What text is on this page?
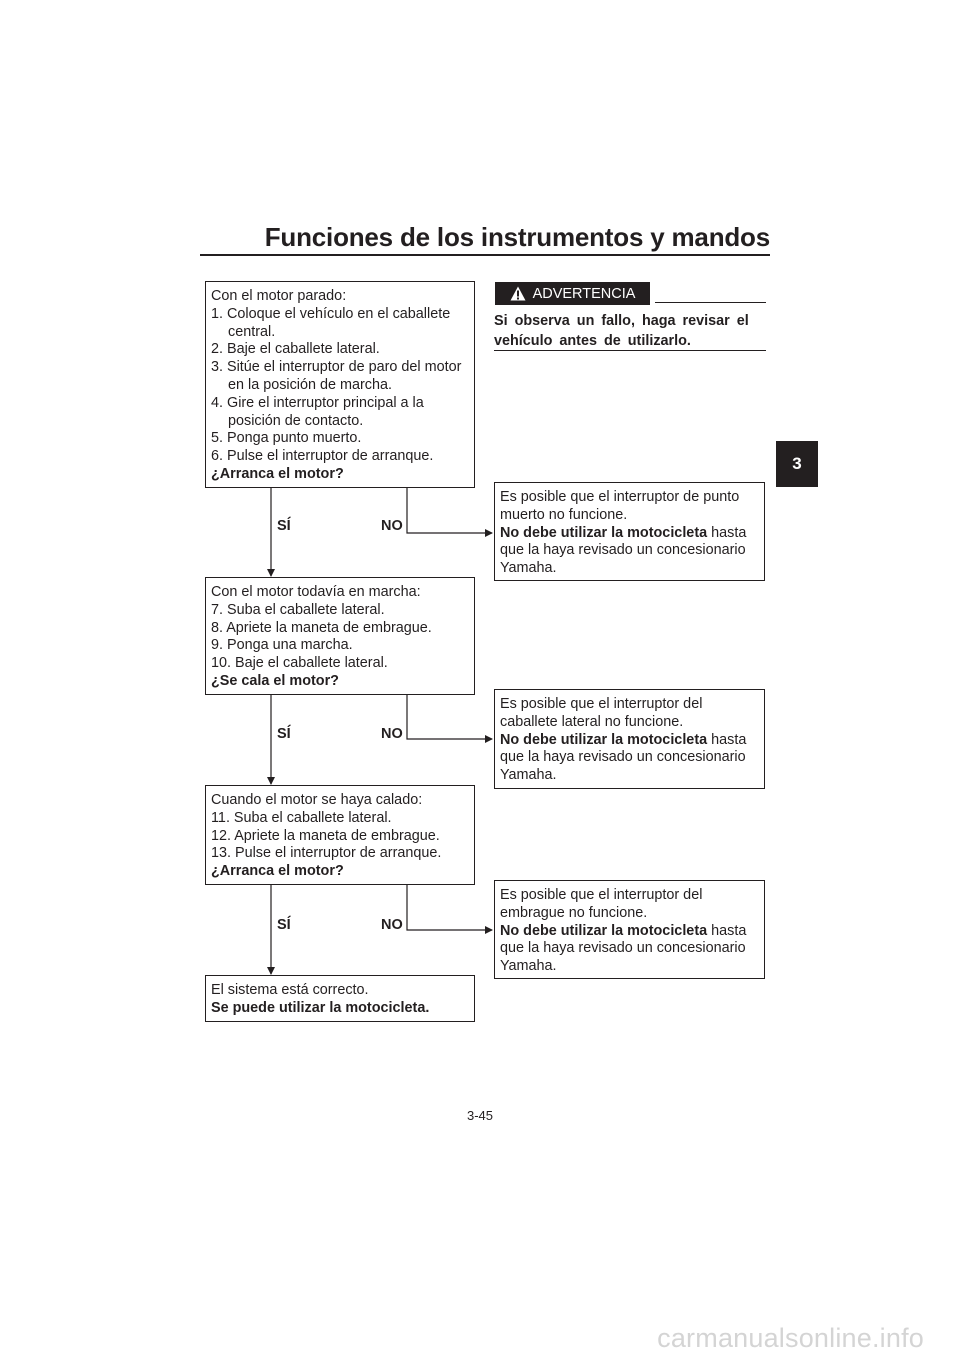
Funciones de los instrumentos y mandos
3
ADVERTENCIA
Si observa un fallo, haga revisar el vehículo antes de utilizarlo.
Con el motor parado:
1. Coloque el vehículo en el caballete
central.
2. Baje el caballete lateral.
3. Sitúe el interruptor de paro del motor
en la posición de marcha.
4. Gire el interruptor principal a la
posición de contacto.
5. Ponga punto muerto.
6. Pulse el interruptor de arranque.
¿Arranca el motor?
SÍ	NO
Es posible que el interruptor de punto
muerto no funcione.
No debe utilizar la motocicleta hasta
que la haya revisado un concesionario
Yamaha.
Con el motor todavía en marcha:
7. Suba el caballete lateral.
8. Apriete la maneta de embrague.
9. Ponga una marcha.
10. Baje el caballete lateral.
¿Se cala el motor?
SÍ	NO
Es posible que el interruptor del
caballete lateral no funcione.
No debe utilizar la motocicleta hasta
que la haya revisado un concesionario
Yamaha.
Cuando el motor se haya calado:
11. Suba el caballete lateral.
12. Apriete la maneta de embrague.
13. Pulse el interruptor de arranque.
¿Arranca el motor?
SÍ	NO
Es posible que el interruptor del
embrague no funcione.
No debe utilizar la motocicleta hasta
que la haya revisado un concesionario
Yamaha.
El sistema está correcto.
Se puede utilizar la motocicleta.
3-45
carmanualsonline.info
